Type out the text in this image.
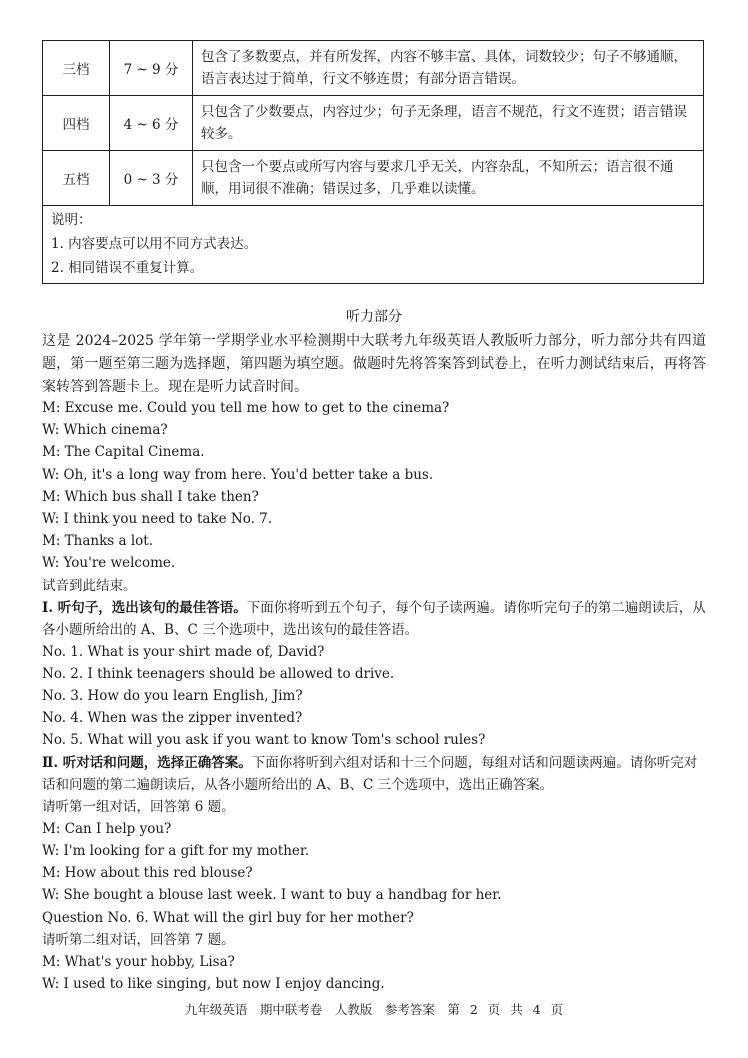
三档	7 ~ 9 分	包含了多数要点，并有所发挥，内容不够丰富、具体，词数较少；句子不够通顺，语言表达过于简单，行文不够连贯；有部分语言错误。
四档	4 ~ 6 分	只包含了少数要点，内容过少；句子无条理，语言不规范，行文不连贯；语言错误较多。
五档	0 ~ 3 分	只包含一个要点或所写内容与要求几乎无关，内容杂乱，不知所云；语言很不通顺，用词很不准确；错误过多，几乎难以读懂。

说明：
1. 内容要点可以用不同方式表达。
2. 相同错误不重复计算。		
听力部分
这是 2024–2025 学年第一学期学业水平检测期中大联考九年级英语人教版听力部分，听力部分共有四道题，第一题至第三题为选择题，第四题为填空题。做题时先将答案答到试卷上，在听力测试结束后，再将答案转答到答题卡上。现在是听力试音时间。
M: Excuse me. Could you tell me how to get to the cinema?
W: Which cinema?
M: The Capital Cinema.
W: Oh, it's a long way from here. You'd better take a bus.
M: Which bus shall I take then?
W: I think you need to take No. 7.
M: Thanks a lot.
W: You're welcome.
试音到此结束。
Ⅰ. 听句子，选出该句的最佳答语。下面你将听到五个句子，每个句子读两遍。请你听完句子的第二遍朗读后，从各小题所给出的 A、B、C 三个选项中，选出该句的最佳答语。
No. 1. What is your shirt made of, David?
No. 2. I think teenagers should be allowed to drive.
No. 3. How do you learn English, Jim?
No. 4. When was the zipper invented?
No. 5. What will you ask if you want to know Tom's school rules?
Ⅱ. 听对话和问题，选择正确答案。下面你将听到六组对话和十三个问题，每组对话和问题读两遍。请你听完对话和问题的第二遍朗读后，从各小题所给出的 A、B、C 三个选项中，选出正确答案。
请听第一组对话，回答第 6 题。
M: Can I help you?
W: I'm looking for a gift for my mother.
M: How about this red blouse?
W: She bought a blouse last week. I want to buy a handbag for her.
Question No. 6. What will the girl buy for her mother?
请听第二组对话，回答第 7 题。
M: What's your hobby, Lisa?
W: I used to like singing, but now I enjoy dancing.
九年级英语　期中联考卷　人教版　参考答案　第 2 页 共 4 页
